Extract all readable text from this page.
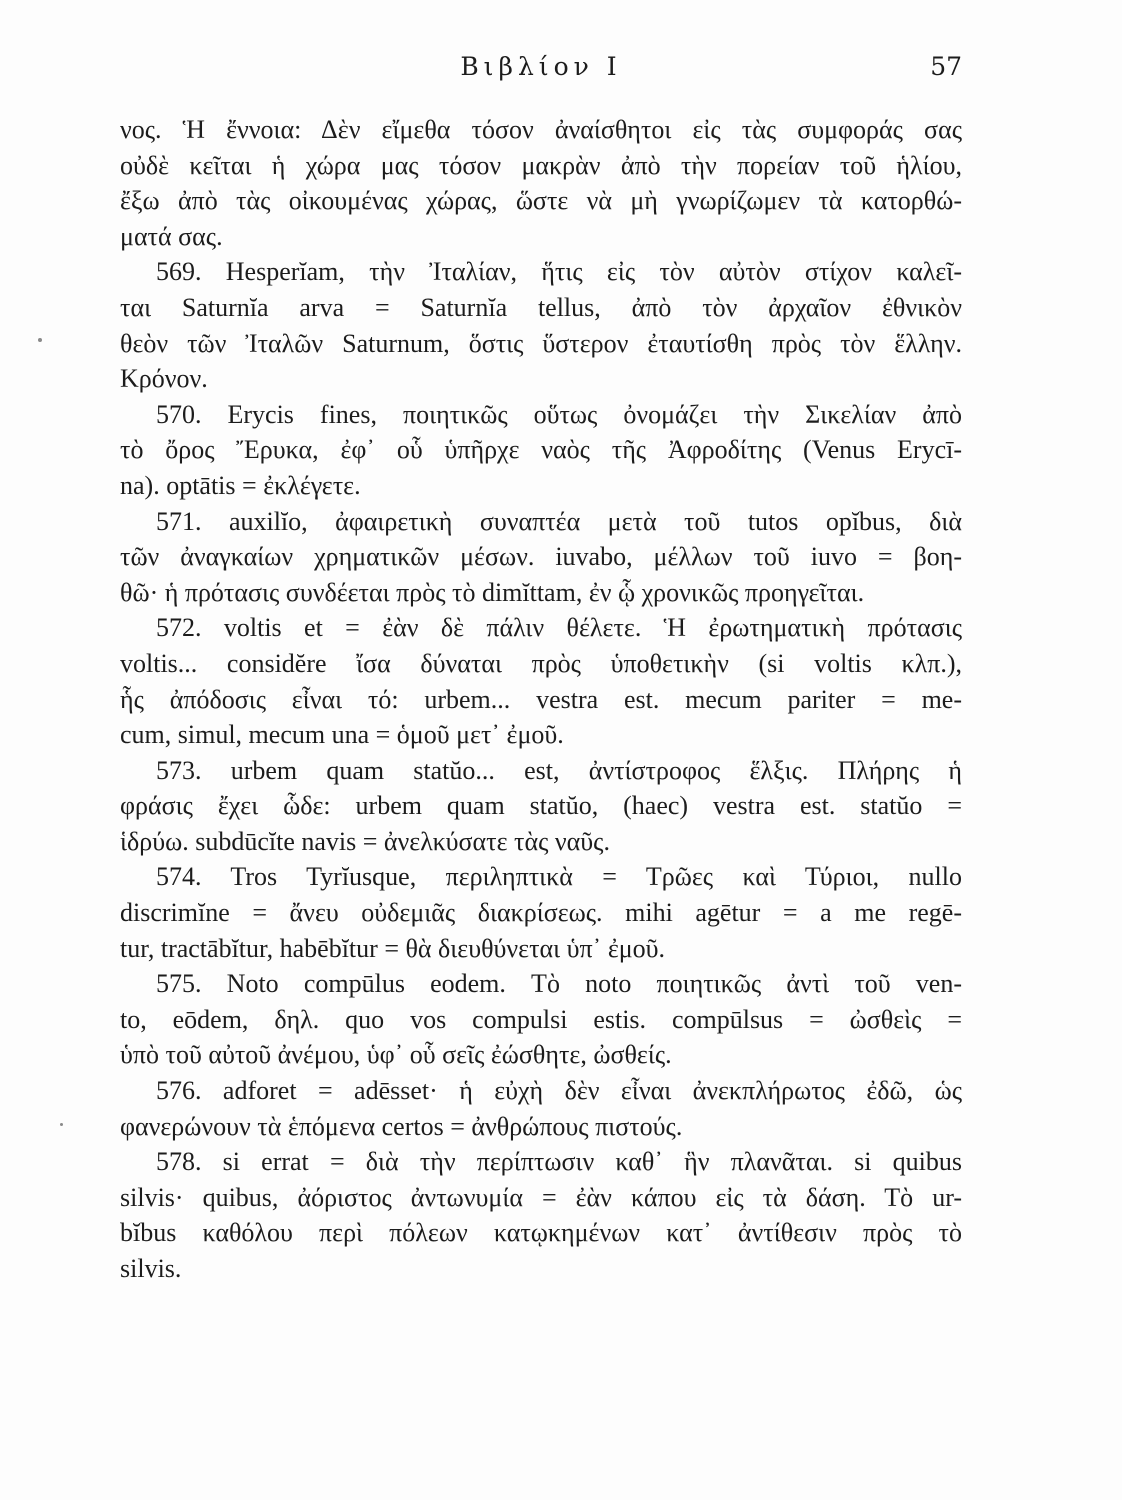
Βιβλίον I	57

νος. Ἡ ἔννοια: Δὲν εἴμεθα τόσον ἀναίσθητοι εἰς τὰς συμφοράς σας
οὐδὲ κεῖται ἡ χώρα μας τόσον μακρὰν ἀπὸ τὴν πορείαν τοῦ ἡλίου,
ἔξω ἀπὸ τὰς οἰκουμένας χώρας, ὥστε νὰ μὴ γνωρίζωμεν τὰ κατορθώ-
ματά σας.

569. Hesperĭam, τὴν Ἰταλίαν, ἥτις εἰς τὸν αὐτὸν στίχον καλεῖ-
ται Saturnĭa arva = Saturnĭa tellus, ἀπὸ τὸν ἀρχαῖον ἐθνικὸν
θεὸν τῶν Ἰταλῶν Saturnum, ὅστις ὕστερον ἐταυτίσθη πρὸς τὸν ἕλλην.
Κρόνον.

570. Erycis fines, ποιητικῶς οὕτως ὀνομάζει τὴν Σικελίαν ἀπὸ
τὸ ὄρος Ἔρυκα, ἐφ᾿ οὗ ὑπῆρχε ναὸς τῆς Ἀφροδίτης (Venus Erycī-
na). optātis = ἐκλέγετε.

571. auxilĭo, ἀφαιρετικὴ συναπτέα μετὰ τοῦ tutos opĭbus, διὰ
τῶν ἀναγκαίων χρηματικῶν μέσων. iuvabo, μέλλων τοῦ iuvo = βοη-
θῶ· ἡ πρότασις συνδέεται πρὸς τὸ dimĭttam, ἐν ᾧ χρονικῶς προηγεῖται.

572. voltis et = ἐὰν δὲ πάλιν θέλετε. Ἡ ἐρωτηματικὴ πρότασις
voltis... considĕre ἴσα δύναται πρὸς ὑποθετικὴν (si voltis κλπ.),
ἧς ἀπόδοσις εἶναι τό: urbem... vestra est. mecum pariter = me-
cum, simul, mecum una = ὁμοῦ μετ᾿ ἐμοῦ.

573. urbem quam statŭo... est, ἀντίστροφος ἕλξις. Πλήρης ἡ
φράσις ἔχει ὧδε: urbem quam statŭo, (haec) vestra est. statŭo =
ἱδρύω. subdūcĭte navis = ἀνελκύσατε τὰς ναῦς.

574. Tros Tyrĭusque, περιληπτικὰ = Τρῶες καὶ Τύριοι, nullo
discrimĭne = ἄνευ οὐδεμιᾶς διακρίσεως. mihi agētur = a me regē-
tur, tractābĭtur, habēbĭtur = θὰ διευθύνεται ὑπ᾿ ἐμοῦ.

575. Noto compūlus eodem. Τὸ noto ποιητικῶς ἀντὶ τοῦ ven-
to, eōdem, δηλ. quo vos compulsi estis. compūlsus = ὠσθεὶς =
ὑπὸ τοῦ αὐτοῦ ἀνέμου, ὑφ᾿ οὗ σεῖς ἐώσθητε, ὠσθείς.

576. adforet = adēsset· ἡ εὐχὴ δὲν εἶναι ἀνεκπλήρωτος ἐδῶ, ὡς
φανερώνουν τὰ ἑπόμενα certos = ἀνθρώπους πιστούς.

578. si errat = διὰ τὴν περίπτωσιν καθ᾿ ἣν πλανᾶται. si quibus
silvis· quibus, ἀόριστος ἀντωνυμία = ἐὰν κάπου εἰς τὰ δάση. Τὸ ur-
bĭbus καθόλου περὶ πόλεων κατῳκημένων κατ᾿ ἀντίθεσιν πρὸς τὸ
silvis.
